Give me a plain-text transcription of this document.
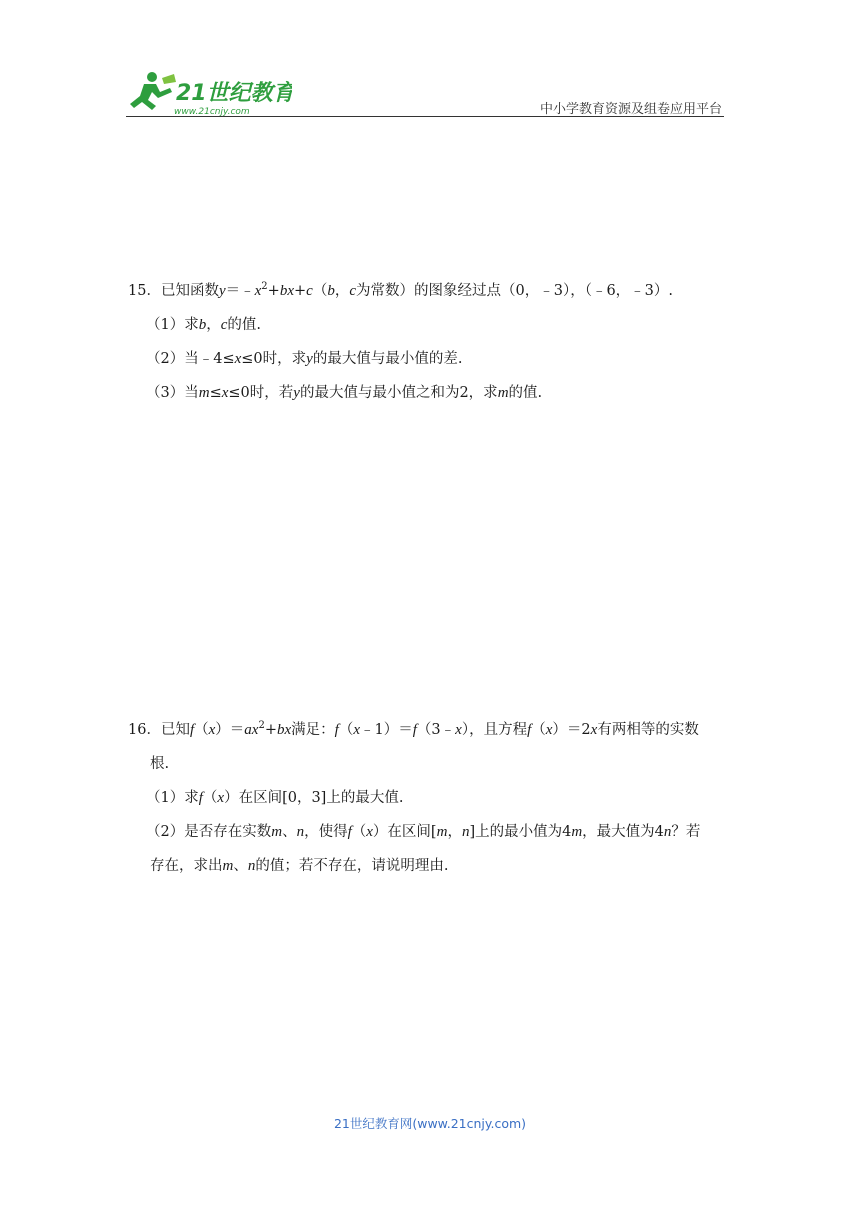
21世纪教育
www.21cnjy.com	中小学教育资源及组卷应用平台
15．已知函数$y=﹣x^2+bx+c(b$，c为常数）的图象经过点（0，﹣3），（﹣6，﹣3）.
（1）求b，c的值.
（2）当﹣4≤x≤0时，求y的最大值与最小值的差.
（3）当m≤x≤0时，若y的最大值与最小值之和为2，求m的值.
16．已知$f(x)=ax^2+bx$满足：f（x﹣1）＝f（3﹣x），且方程f（x）＝2x有两相等的实数
根.
（1）求f（x）在区间[0，3]上的最大值.
（2）是否存在实数m、n，使得f（x）在区间[m，n]上的最小值为4m，最大值为4n？若
存在，求出m、n的值；若不存在，请说明理由.
21世纪教育网(www.21cnjy.com)
